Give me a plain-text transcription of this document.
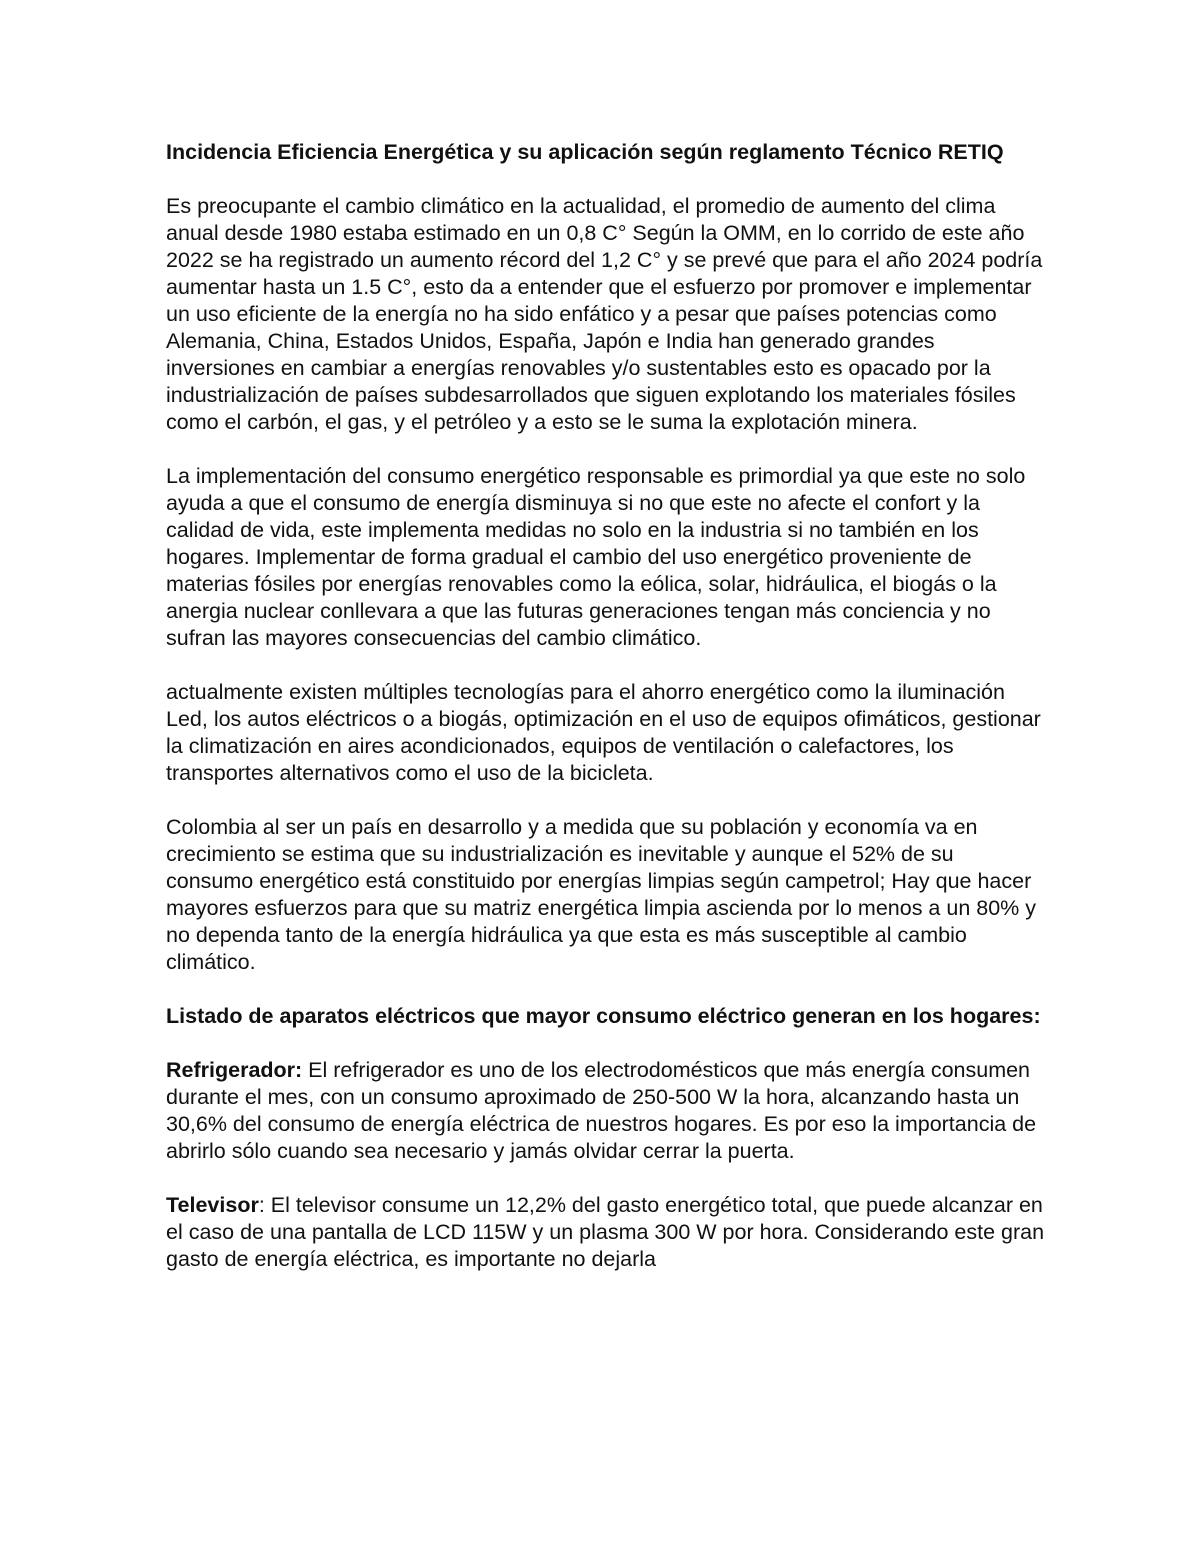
Incidencia Eficiencia Energética y su aplicación según reglamento Técnico RETIQ

Es preocupante el cambio climático en la actualidad, el promedio de aumento del clima anual desde 1980 estaba estimado en un 0,8 C° Según la OMM, en lo corrido de este año 2022 se ha registrado un aumento récord del 1,2 C° y se prevé que para el año 2024 podría aumentar hasta un 1.5 C°, esto da a entender que el esfuerzo por promover e implementar un uso eficiente de la energía no ha sido enfático y a pesar que países potencias como Alemania, China, Estados Unidos, España, Japón e India han generado grandes inversiones en cambiar a energías renovables y/o sustentables esto es opacado por la industrialización de países subdesarrollados que siguen explotando los materiales fósiles como el carbón, el gas, y el petróleo y a esto se le suma la explotación minera.

La implementación del consumo energético responsable es primordial ya que este no solo ayuda a que el consumo de energía disminuya si no que este no afecte el confort y la calidad de vida, este implementa medidas no solo en la industria si no también en los hogares. Implementar de forma gradual el cambio del uso energético proveniente de materias fósiles por energías renovables como la eólica, solar, hidráulica, el biogás o la anergia nuclear conllevara a que las futuras generaciones tengan más conciencia y no sufran las mayores consecuencias del cambio climático.

actualmente existen múltiples tecnologías para el ahorro energético como la iluminación Led, los autos eléctricos o a biogás, optimización en el uso de equipos ofimáticos, gestionar la climatización en aires acondicionados, equipos de ventilación o calefactores, los transportes alternativos como el uso de la bicicleta.

Colombia al ser un país en desarrollo y a medida que su población y economía va en crecimiento se estima que su industrialización es inevitable y aunque el 52% de su consumo energético está constituido por energías limpias según campetrol; Hay que hacer mayores esfuerzos para que su matriz energética limpia ascienda por lo menos a un 80% y no dependa tanto de la energía hidráulica ya que esta es más susceptible al cambio climático.

Listado de aparatos eléctricos que mayor consumo eléctrico generan en los hogares:

Refrigerador: El refrigerador es uno de los electrodomésticos que más energía consumen durante el mes, con un consumo aproximado de 250-500 W la hora, alcanzando hasta un 30,6% del consumo de energía eléctrica de nuestros hogares. Es por eso la importancia de abrirlo sólo cuando sea necesario y jamás olvidar cerrar la puerta.

Televisor: El televisor consume un 12,2% del gasto energético total, que puede alcanzar en el caso de una pantalla de LCD 115W y un plasma 300 W por hora. Considerando este gran gasto de energía eléctrica, es importante no dejarla
